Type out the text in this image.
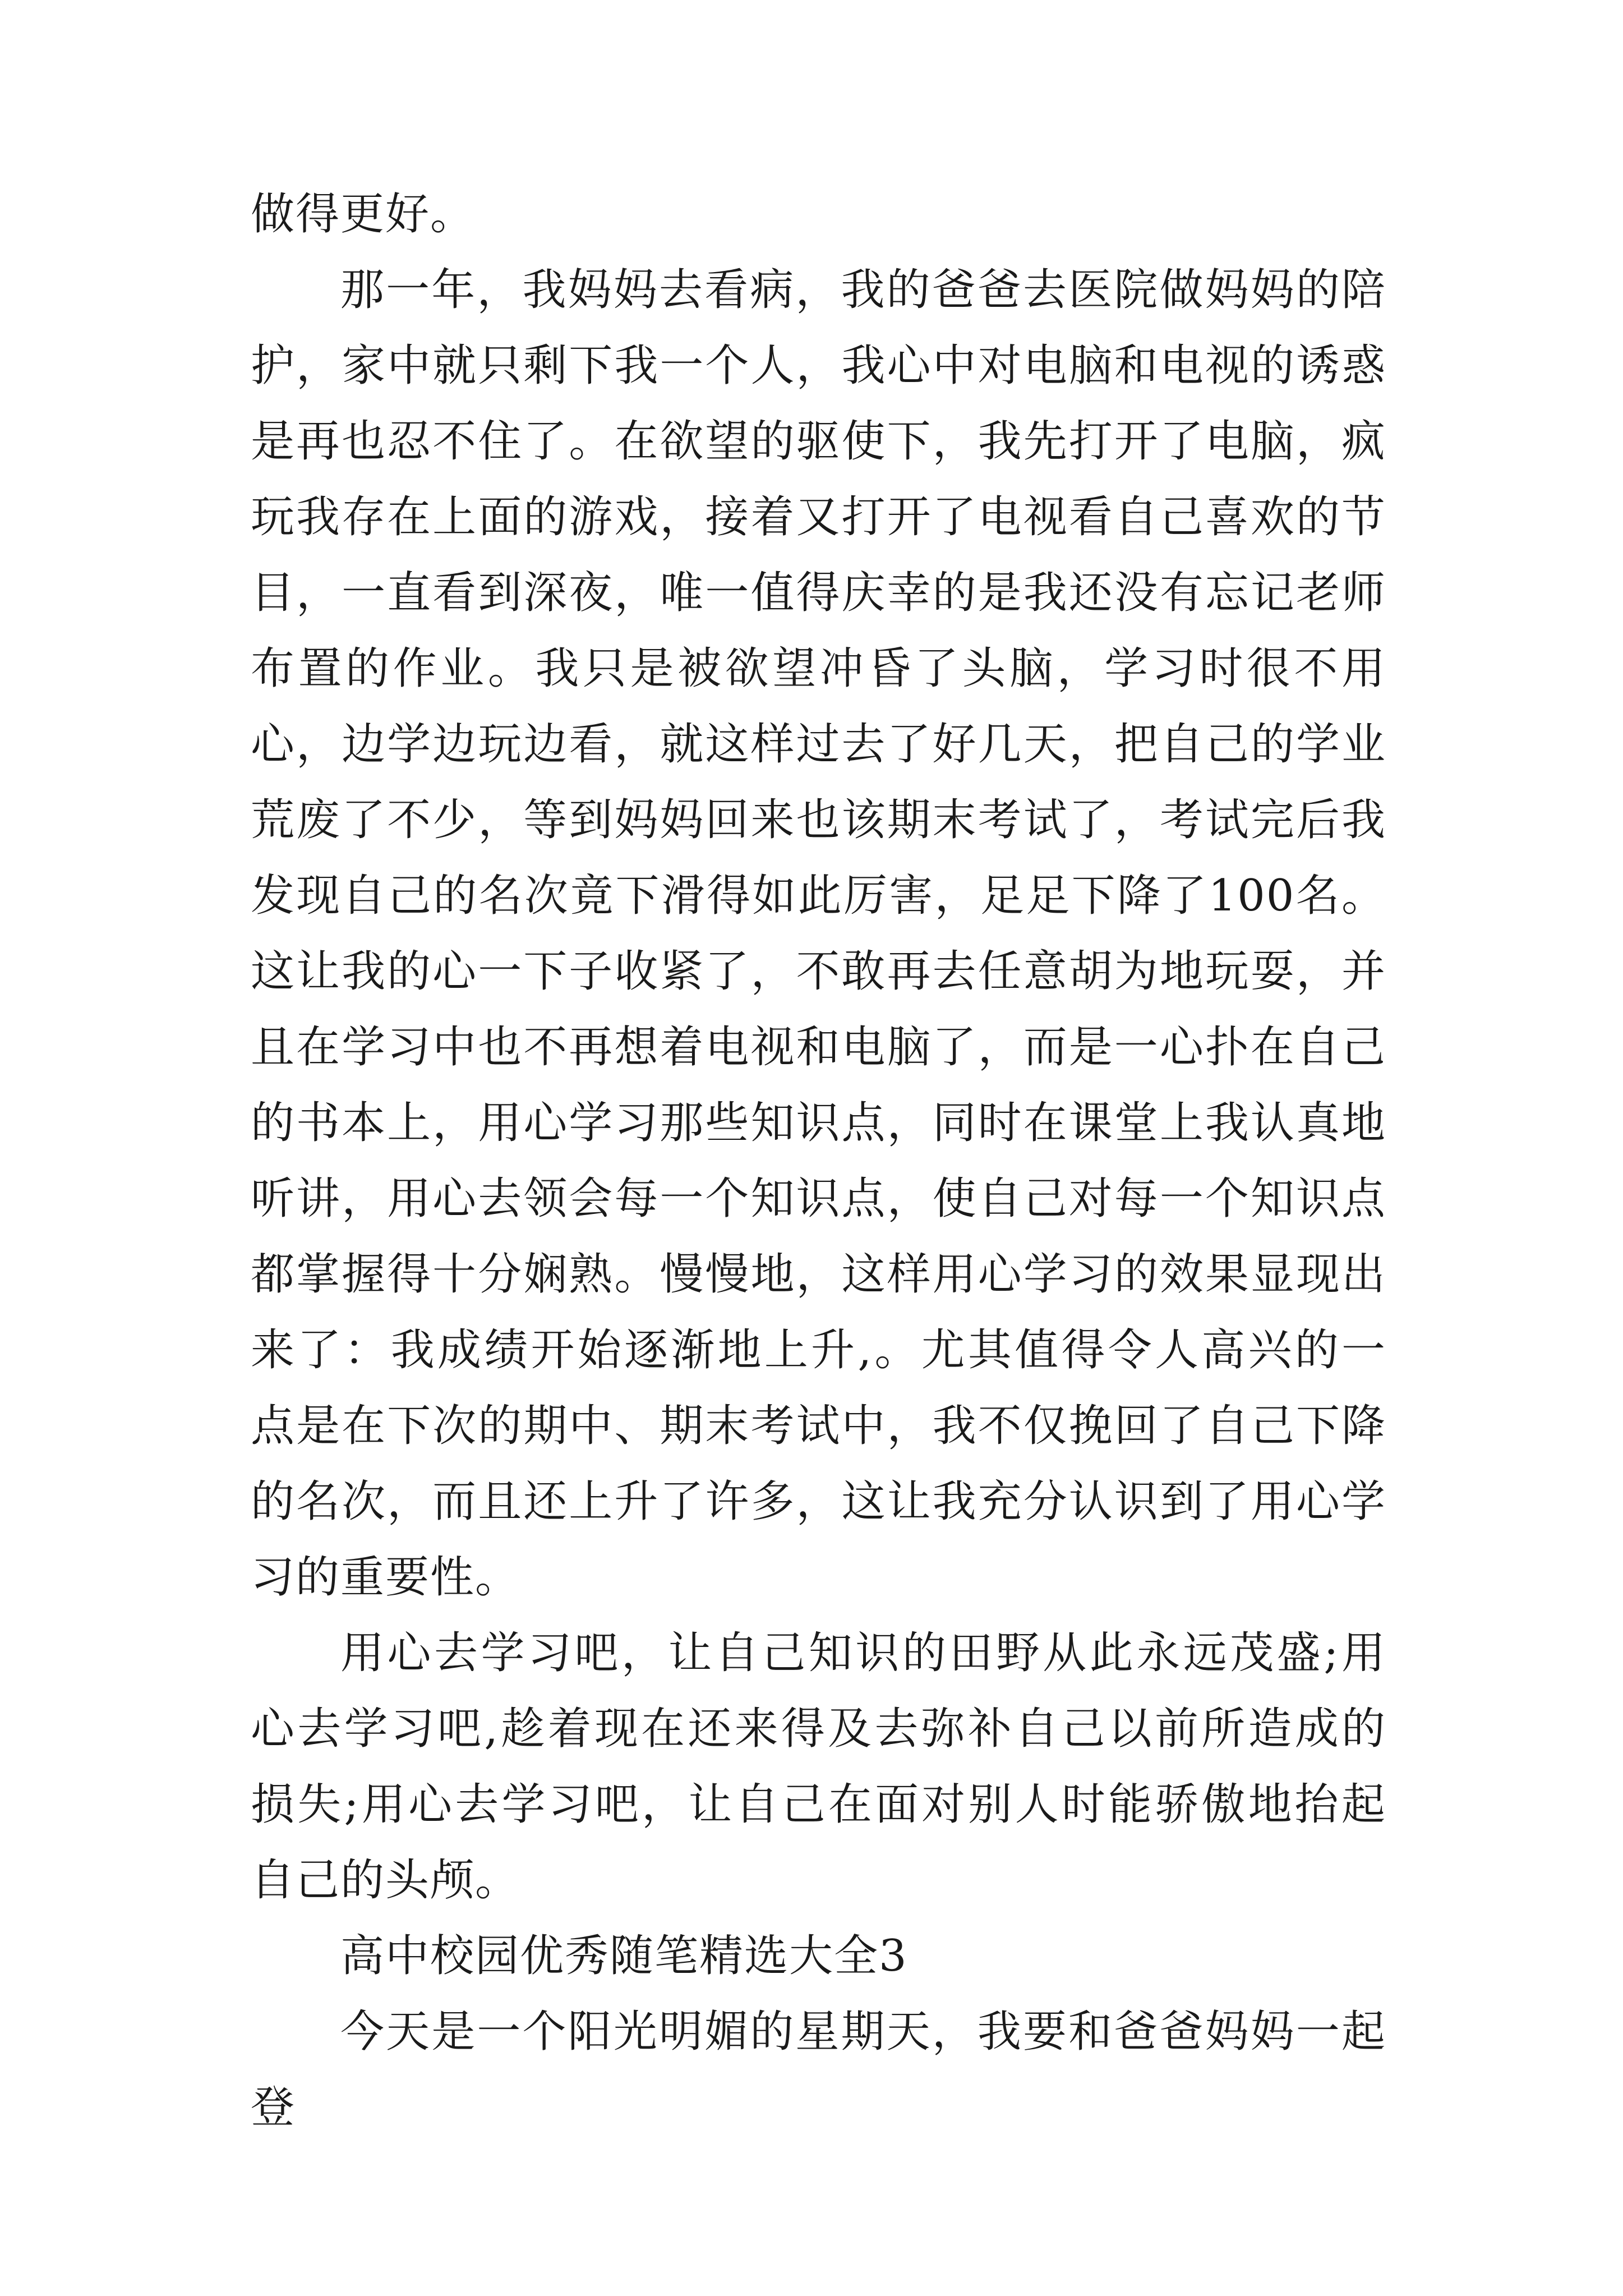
做得更好。

那一年，我妈妈去看病，我的爸爸去医院做妈妈的陪护，家中就只剩下我一个人，我心中对电脑和电视的诱惑是再也忍不住了。在欲望的驱使下，我先打开了电脑，疯玩我存在上面的游戏，接着又打开了电视看自己喜欢的节目，一直看到深夜，唯一值得庆幸的是我还没有忘记老师布置的作业。我只是被欲望冲昏了头脑，学习时很不用心，边学边玩边看，就这样过去了好几天，把自己的学业荒废了不少，等到妈妈回来也该期末考试了，考试完后我发现自己的名次竟下滑得如此厉害，足足下降了100名。这让我的心一下子收紧了，不敢再去任意胡为地玩耍，并且在学习中也不再想着电视和电脑了，而是一心扑在自己的书本上，用心学习那些知识点，同时在课堂上我认真地听讲，用心去领会每一个知识点，使自己对每一个知识点都掌握得十分娴熟。慢慢地，这样用心学习的效果显现出来了：我成绩开始逐渐地上升,。尤其值得令人高兴的一点是在下次的期中、期末考试中，我不仅挽回了自己下降的名次，而且还上升了许多，这让我充分认识到了用心学习的重要性。

用心去学习吧，让自己知识的田野从此永远茂盛;用心去学习吧,趁着现在还来得及去弥补自己以前所造成的损失;用心去学习吧，让自己在面对别人时能骄傲地抬起自己的头颅。

高中校园优秀随笔精选大全3

今天是一个阳光明媚的星期天，我要和爸爸妈妈一起登
